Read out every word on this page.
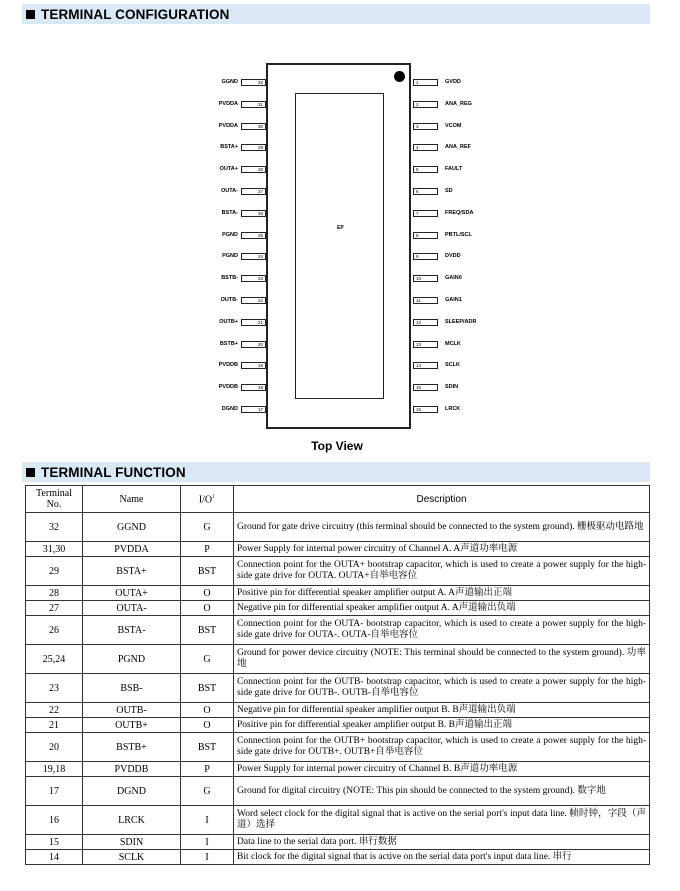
TERMINAL CONFIGURATION
EP
32
GGND
31
PVDDA
30
PVDDA
29
BSTA+
28
OUTA+
27
OUTA-
26
BSTA-
25
PGND
24
PGND
23
BSTB-
22
OUTB-
21
OUTB+
20
BSTB+
19
PVDDB
18
PVDDB
17
DGND
1	GVDD
2	ANA_REG
3	VCOM
4	ANA_REF
5	FAULT
6	SD
7	FREQ/SDA
8	PBTL/SCL
9	DVDD
10	GAIN0
11	GAIN1
12	SLEEP/ADR
13	MCLK
14	SCLK
15	SDIN
16	LRCK
Top View
TERMINAL FUNCTION
Terminal No.	Name	$I/O^1$	Description
32	GGND	G	Ground for gate drive circuitry (this terminal should be connected to the system ground). 栅极驱动电路地
31,30	PVDDA	P	Power Supply for internal power circuitry of Channel A. A声道功率电源
29	BSTA+	BST	Connection point for the OUTA+ bootstrap capacitor, which is used to create a power supply for the high-side gate drive for OUTA. OUTA+自举电容位
28	OUTA+	O	Positive pin for differential speaker amplifier output A. A声道输出正端
27	OUTA-	O	Negative pin for differential speaker amplifier output A. A声道输出负端
26	BSTA-	BST	Connection point for the OUTA- bootstrap capacitor, which is used to create a power supply for the high-side gate drive for OUTA-. OUTA-自举电容位
25,24	PGND	G	Ground for power device circuitry (NOTE: This terminal should be connected to the system ground). 功率地
23	BSB-	BST	Connection point for the OUTB- bootstrap capacitor, which is used to create a power supply for the high-side gate drive for OUTB-. OUTB-自举电容位
22	OUTB-	O	Negative pin for differential speaker amplifier output B. B声道输出负端
21	OUTB+	O	Positive pin for differential speaker amplifier output B. B声道输出正端
20	BSTB+	BST	Connection point for the OUTB+ bootstrap capacitor, which is used to create a power supply for the high-side gate drive for OUTB+. OUTB+自举电容位
19,18	PVDDB	P	Power Supply for internal power circuitry of Channel B. B声道功率电源
17	DGND	G	Ground for digital circuitry (NOTE: This pin should be connected to the system ground). 数字地
16	LRCK	I	Word select clock for the digital signal that is active on the serial port's input data line. 帧时钟，字段（声道）选择
15	SDIN	I	Data line to the serial data port. 串行数据
14	SCLK	I	Bit clock for the digital signal that is active on the serial data port's input data line. 串行
